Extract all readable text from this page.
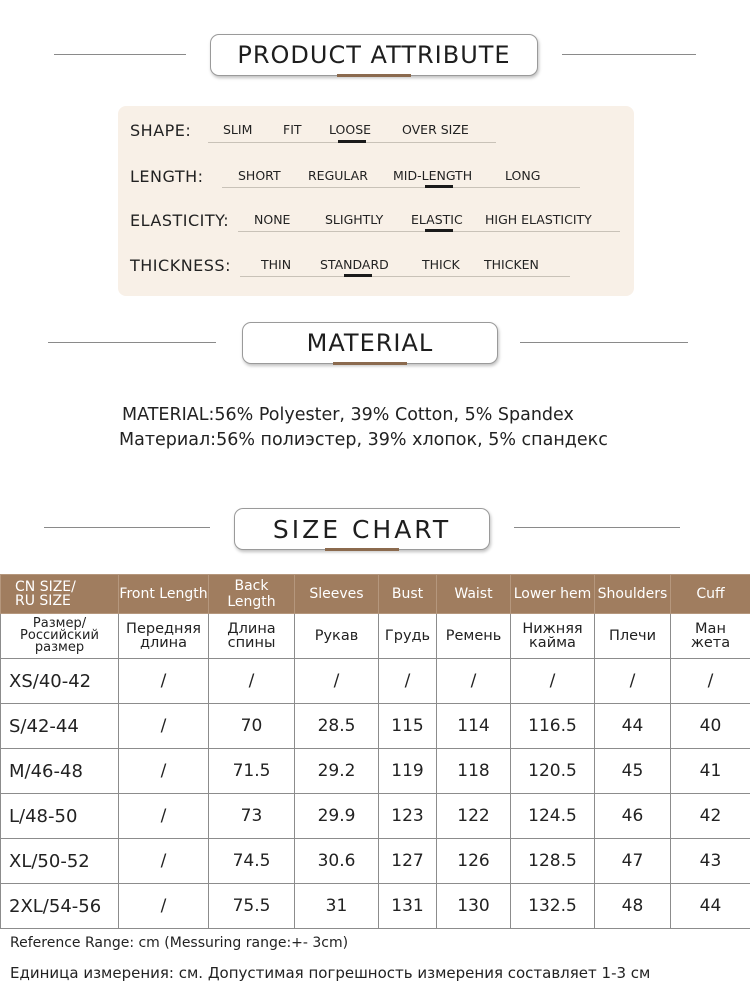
PRODUCT ATTRIBUTE
SHAPE:	SLIM FIT LOOSE OVER SIZE
LENGTH:	SHORT REGULAR MID-LENGTH	LONG
ELASTICITY: NONE	SLIGHTLY ELASTIC HIGH ELASTICITY
THICKNESS: THIN STANDARD	THICK THICKEN
MATERIAL
MATERIAL:56% Polyester, 39% Cotton, 5% Spandex
Материал:56% полиэстер, 39% хлопок, 5% спандекс
SIZE CHART
CN SIZE/
RU SIZE	Front Length	Back Length	Sleeves	Bust	Waist	Lower hem	Shoulders	Cuff
Размер/
Российский
размер	Передняя
длина	Длина
спины	Рукав	Грудь	Ремень	Нижняя
кайма	Плечи	Ман
жета
XS/40-42	/	/	/	/	/	/	/	/
S/42-44	/	70	28.5	115	114	116.5	44	40
M/46-48	/	71.5	29.2	119	118	120.5	45	41
L/48-50	/	73	29.9	123	122	124.5	46	42
XL/50-52	/	74.5	30.6	127	126	128.5	47	43
2XL/54-56	/	75.5	31	131	130	132.5	48	44
Reference Range: cm (Messuring range:+- 3cm)
Единица измерения: см. Допустимая погрешность измерения составляет 1-3 см
